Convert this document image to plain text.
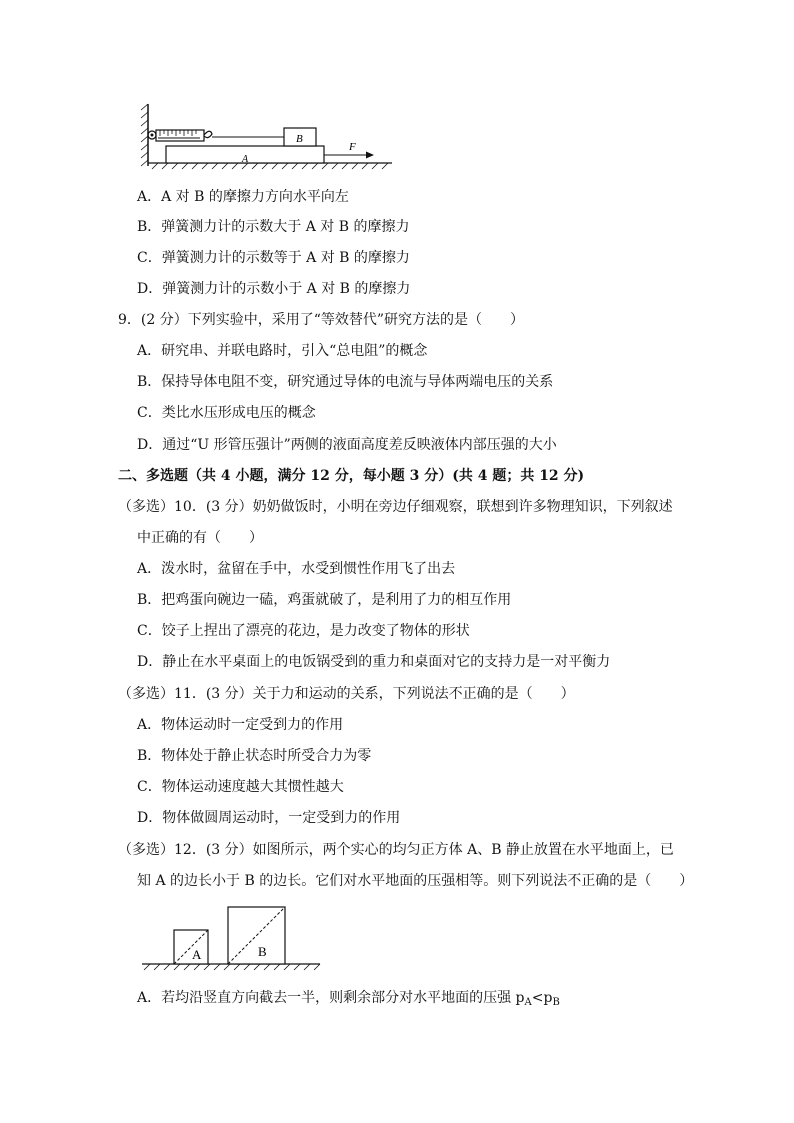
A
B
F
A．A 对 B 的摩擦力方向水平向左
B．弹簧测力计的示数大于 A 对 B 的摩擦力
C．弹簧测力计的示数等于 A 对 B 的摩擦力
D．弹簧测力计的示数小于 A 对 B 的摩擦力
9．(2 分）下列实验中，采用了“等效替代”研究方法的是（　　）
A．研究串、并联电路时，引入“总电阻”的概念
B．保持导体电阻不变，研究通过导体的电流与导体两端电压的关系
C．类比水压形成电压的概念
D．通过“U 形管压强计”两侧的液面高度差反映液体内部压强的大小
二、多选题（共 4 小题，满分 12 分，每小题 3 分）(共 4 题；共 12 分)
（多选）10．(3 分）奶奶做饭时，小明在旁边仔细观察，联想到许多物理知识，下列叙述
中正确的有（　　）
A．泼水时，盆留在手中，水受到惯性作用飞了出去
B．把鸡蛋向碗边一磕，鸡蛋就破了，是利用了力的相互作用
C．饺子上捏出了漂亮的花边，是力改变了物体的形状
D．静止在水平桌面上的电饭锅受到的重力和桌面对它的支持力是一对平衡力
（多选）11．(3 分）关于力和运动的关系，下列说法不正确的是（　　）
A．物体运动时一定受到力的作用
B．物体处于静止状态时所受合力为零
C．物体运动速度越大其惯性越大
D．物体做圆周运动时，一定受到力的作用
（多选）12．(3 分）如图所示，两个实心的均匀正方体 A、B 静止放置在水平地面上，已
知 A 的边长小于 B 的边长。它们对水平地面的压强相等。则下列说法不正确的是（　　）
A	B
A．若均沿竖直方向截去一半，则剩余部分对水平地面的压强 $p_A<p_B$
